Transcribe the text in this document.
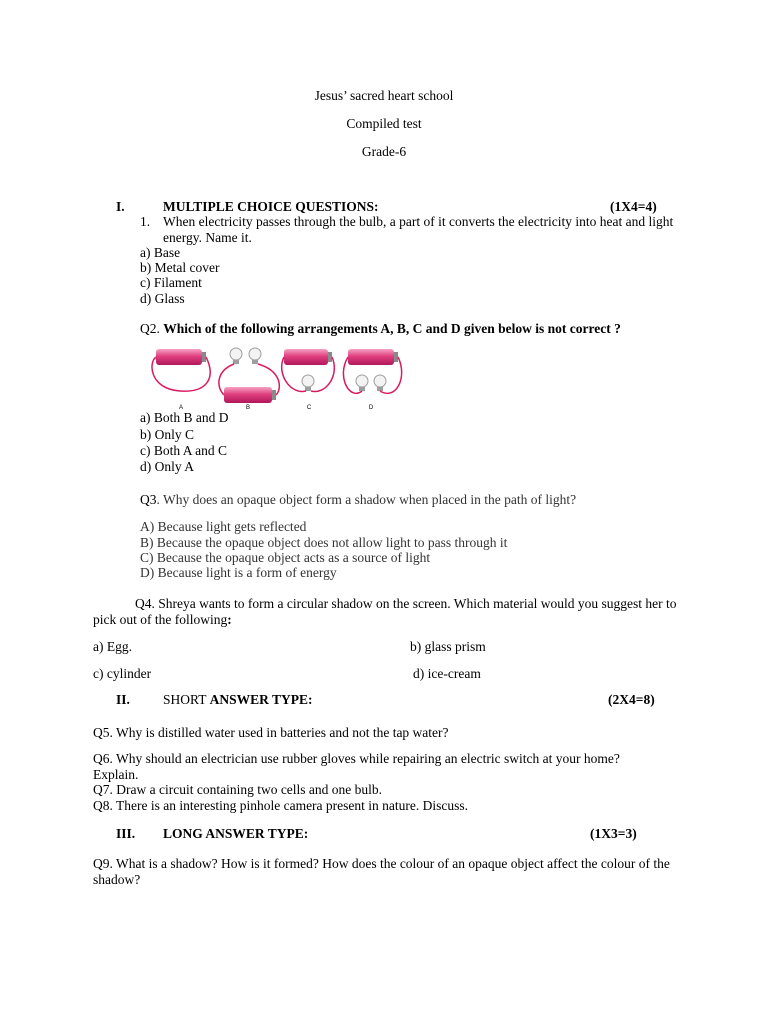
Jesus’ sacred heart school
Compiled test
Grade-6
I.	MULTIPLE CHOICE QUESTIONS:	(1X4=4)
1. When electricity passes through the bulb, a part of it converts the electricity into heat and light energy. Name it.
a) Base
b) Metal cover
c) Filament
d) Glass
Q2. Which of the following arrangements A, B, C and D given below is not correct ?
A	B	C	D
a) Both B and D
b) Only C
c) Both A and C
d) Only A
Q3. Why does an opaque object form a shadow when placed in the path of light?
A) Because light gets reflected
B) Because the opaque object does not allow light to pass through it
C) Because the opaque object acts as a source of light
D) Because light is a form of energy
Q4. Shreya wants to form a circular shadow on the screen. Which material would you suggest her to pick out of the following:
a) Egg.	b) glass prism
c) cylinder	d) ice-cream
II. SHORT ANSWER TYPE:	(2X4=8)
Q5. Why is distilled water used in batteries and not the tap water?
Q6. Why should an electrician use rubber gloves while repairing an electric switch at your home? Explain.
Q7. Draw a circuit containing two cells and one bulb.
Q8. There is an interesting pinhole camera present in nature. Discuss.
III. LONG ANSWER TYPE:	(1X3=3)
Q9. What is a shadow? How is it formed? How does the colour of an opaque object affect the colour of the shadow?
